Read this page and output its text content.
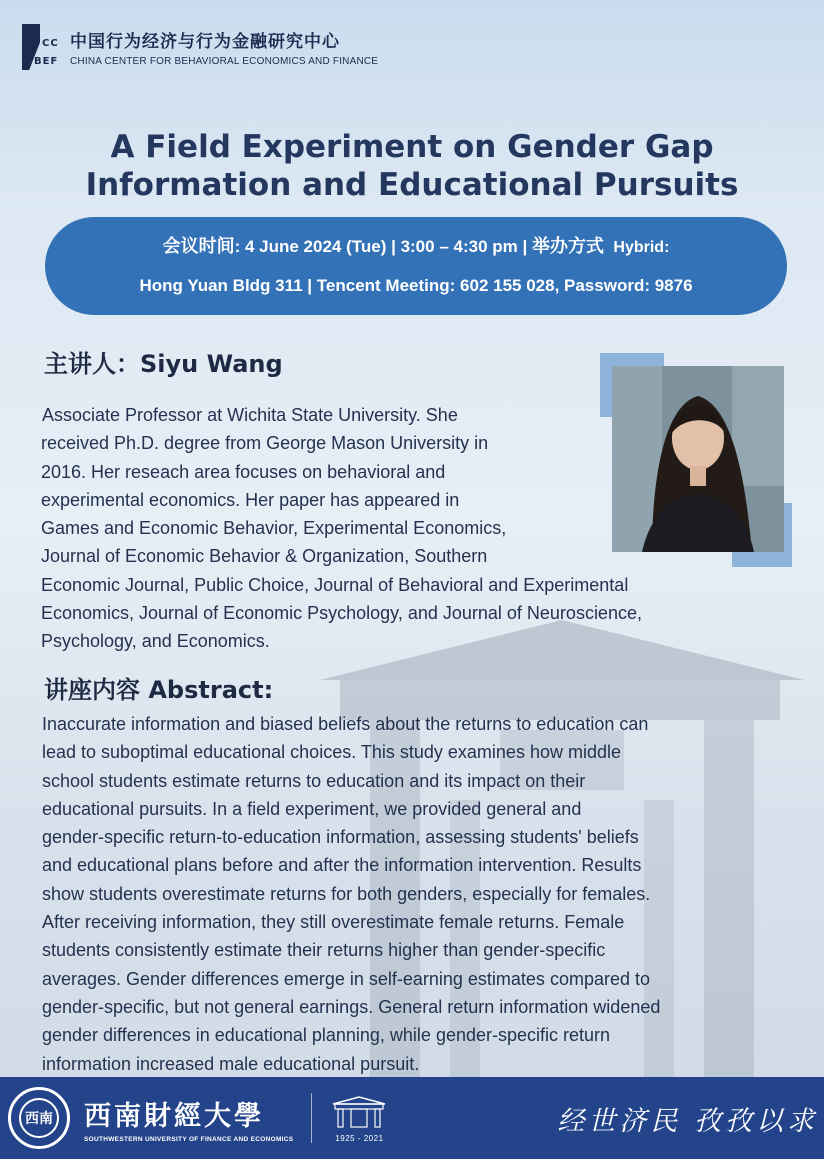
CC
BEF
中国行为经济与行为金融研究中心
CHINA CENTER FOR BEHAVIORAL ECONOMICS AND FINANCE
A Field Experiment on Gender Gap
Information and Educational Pursuits
会议时间: 4 June 2024 (Tue) | 3:00 – 4:30 pm | 举办方式 Hybrid:
Hong Yuan Bldg 311 | Tencent Meeting: 602 155 028, Password: 9876
主讲人：Siyu Wang
Associate Professor at Wichita State University. She
received Ph.D. degree from George Mason University in
2016. Her reseach area focuses on behavioral and
experimental economics. Her paper has appeared in
Games and Economic Behavior, Experimental Economics,
Journal of Economic Behavior & Organization, Southern
Economic Journal, Public Choice, Journal of Behavioral and Experimental
Economics, Journal of Economic Psychology, and Journal of Neuroscience,
Psychology, and Economics.
讲座内容 Abstract:
Inaccurate information and biased beliefs about the returns to education can
lead to suboptimal educational choices. This study examines how middle
school students estimate returns to education and its impact on their
educational pursuits. In a field experiment, we provided general and
gender-specific return-to-education information, assessing students' beliefs
and educational plans before and after the information intervention. Results
show students overestimate returns for both genders, especially for females.
After receiving information, they still overestimate female returns. Female
students consistently estimate their returns higher than gender-specific
averages. Gender differences emerge in self-earning estimates compared to
gender-specific, but not general earnings. General return information widened
gender differences in educational planning, while gender-specific return
information increased male educational pursuit.
西南 西南財經大學
SOUTHWESTERN UNIVERSITY OF FINANCE AND ECONOMICS	1925 - 2021
经世济民 孜孜以求
